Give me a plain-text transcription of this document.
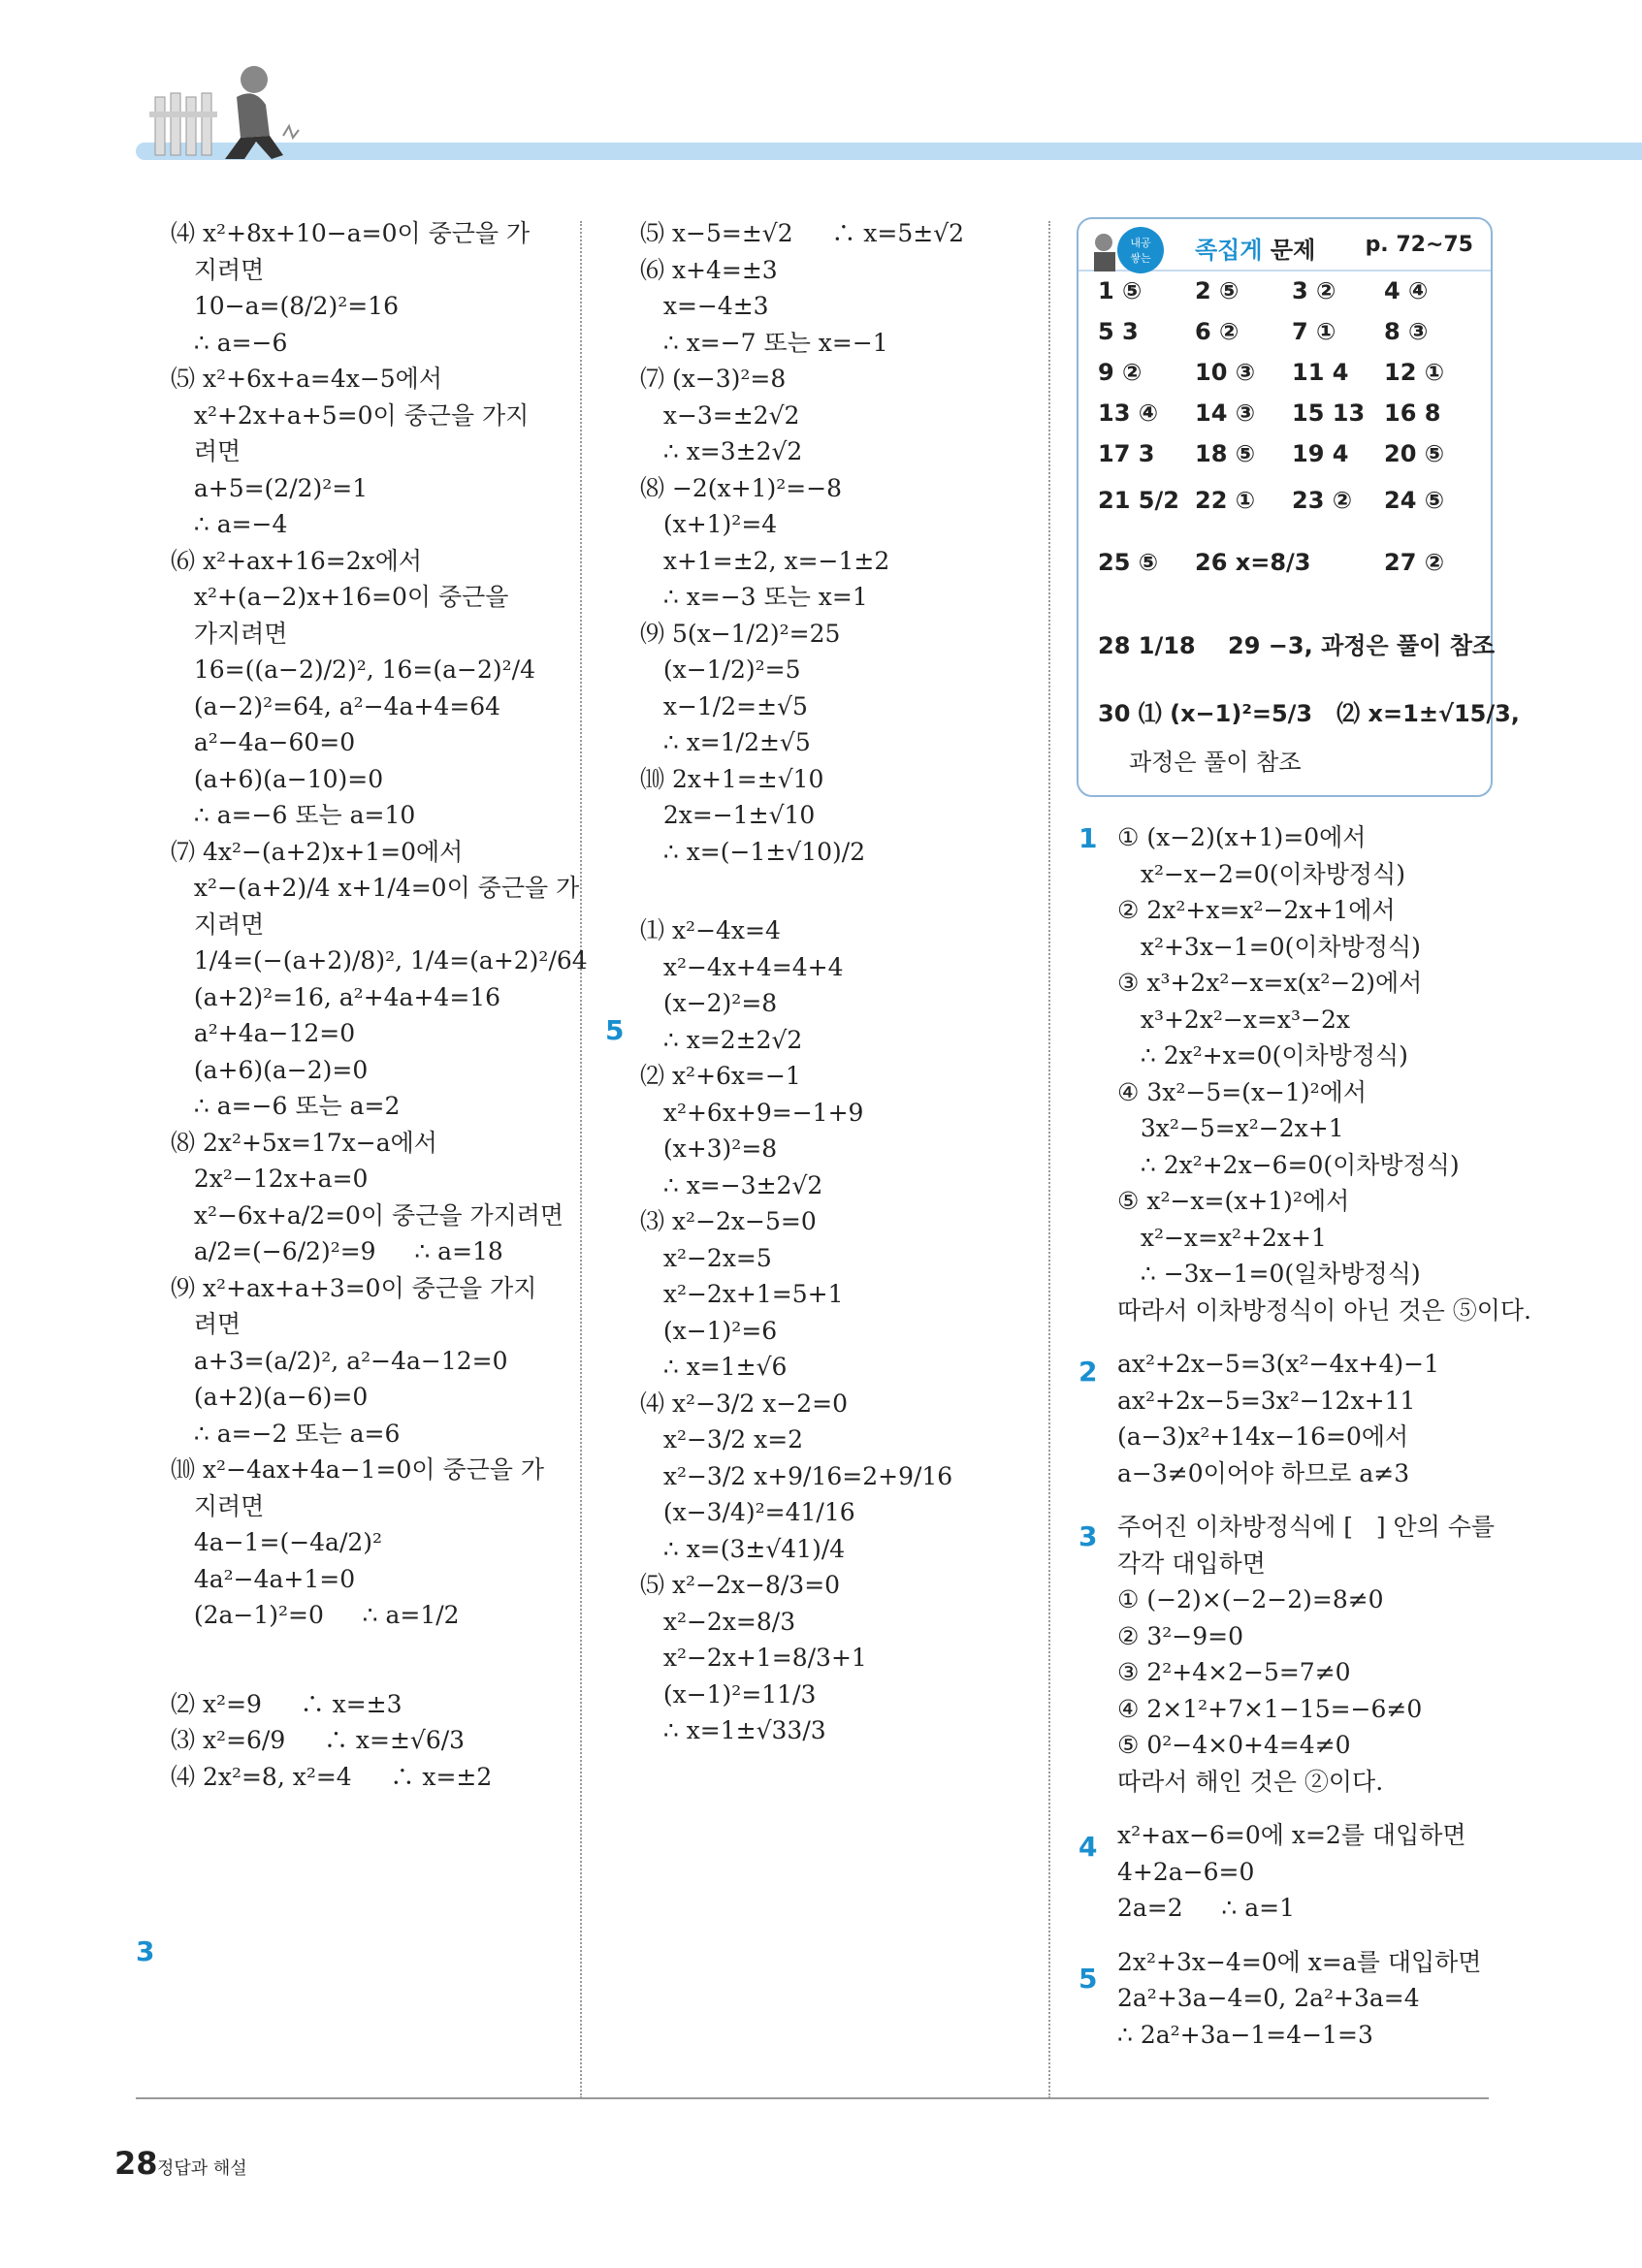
⑷ x²+8x+10−a=0이 중근을 가
지려면
10−a=(8/2)²=16
∴ a=−6
⑸ x²+6x+a=4x−5에서
x²+2x+a+5=0이 중근을 가지
려면
a+5=(2/2)²=1
∴ a=−4
⑹ x²+ax+16=2x에서
x²+(a−2)x+16=0이 중근을
가지려면
16=((a−2)/2)², 16=(a−2)²/4
(a−2)²=64, a²−4a+4=64
a²−4a−60=0
(a+6)(a−10)=0
∴ a=−6 또는 a=10
⑺ 4x²−(a+2)x+1=0에서
x²−(a+2)/4 x+1/4=0이 중근을 가
지려면
1/4=(−(a+2)/8)², 1/4=(a+2)²/64
(a+2)²=16, a²+4a+4=16
a²+4a−12=0
(a+6)(a−2)=0
∴ a=−6 또는 a=2
⑻ 2x²+5x=17x−a에서
2x²−12x+a=0
x²−6x+a/2=0이 중근을 가지려면
a/2=(−6/2)²=9     ∴ a=18
⑼ x²+ax+a+3=0이 중근을 가지
려면
a+3=(a/2)², a²−4a−12=0
(a+2)(a−6)=0
∴ a=−2 또는 a=6
⑽ x²−4ax+4a−1=0이 중근을 가
지려면
4a−1=(−4a/2)²
4a²−4a+1=0
(2a−1)²=0     ∴ a=1/2
⑵ x²=9     ∴ x=±3
⑶ x²=6/9     ∴ x=±√6/3
⑷ 2x²=8, x²=4     ∴ x=±2
3
⑸ x−5=±√2     ∴ x=5±√2
⑹ x+4=±3
x=−4±3
∴ x=−7 또는 x=−1
⑺ (x−3)²=8
x−3=±2√2
∴ x=3±2√2
⑻ −2(x+1)²=−8
(x+1)²=4
x+1=±2, x=−1±2
∴ x=−3 또는 x=1
⑼ 5(x−1/2)²=25
(x−1/2)²=5
x−1/2=±√5
∴ x=1/2±√5
⑽ 2x+1=±√10
2x=−1±√10
∴ x=(−1±√10)/2
⑴ x²−4x=4
x²−4x+4=4+4
(x−2)²=8
∴ x=2±2√2
⑵ x²+6x=−1
x²+6x+9=−1+9
(x+3)²=8
∴ x=−3±2√2
⑶ x²−2x−5=0
x²−2x=5
x²−2x+1=5+1
(x−1)²=6
∴ x=1±√6
⑷ x²−3/2 x−2=0
x²−3/2 x=2
x²−3/2 x+9/16=2+9/16
(x−3/4)²=41/16
∴ x=(3±√41)/4
⑸ x²−2x−8/3=0
x²−2x=8/3
x²−2x+1=8/3+1
(x−1)²=11/3
∴ x=1±√33/3
5
내공
쌓는 족집게 문제 p. 72~75
1 ⑤ 2 ⑤ 3 ② 4 ④
5 3 6 ② 7 ① 8 ③
9 ② 10 ③ 11 4 12 ①
13 ④ 14 ③ 15 13 16 8
17 3 18 ⑤ 19 4 20 ⑤
21 5/2 22 ① 23 ② 24 ⑤
25 ⑤ 26 x=8/3	27 ②
28 1/18    29 −3, 과정은 풀이 참조
30 ⑴ (x−1)²=5/3   ⑵ x=1±√15/3,
과정은 풀이 참조
① (x−2)(x+1)=0에서
x²−x−2=0(이차방정식)
② 2x²+x=x²−2x+1에서
x²+3x−1=0(이차방정식)
③ x³+2x²−x=x(x²−2)에서
x³+2x²−x=x³−2x
∴ 2x²+x=0(이차방정식)
④ 3x²−5=(x−1)²에서
3x²−5=x²−2x+1
∴ 2x²+2x−6=0(이차방정식)
⑤ x²−x=(x+1)²에서
x²−x=x²+2x+1
∴ −3x−1=0(일차방정식)
따라서 이차방정식이 아닌 것은 ⑤이다.
ax²+2x−5=3(x²−4x+4)−1
ax²+2x−5=3x²−12x+11
(a−3)x²+14x−16=0에서
a−3≠0이어야 하므로 a≠3
주어진 이차방정식에 [   ] 안의 수를
각각 대입하면
① (−2)×(−2−2)=8≠0
② 3²−9=0
③ 2²+4×2−5=7≠0
④ 2×1²+7×1−15=−6≠0
⑤ 0²−4×0+4=4≠0
따라서 해인 것은 ②이다.
x²+ax−6=0에 x=2를 대입하면
4+2a−6=0
2a=2     ∴ a=1
2x²+3x−4=0에 x=a를 대입하면
2a²+3a−4=0, 2a²+3a=4
∴ 2a²+3a−1=4−1=3
1
2
3
4
5
28 정답과 해설
